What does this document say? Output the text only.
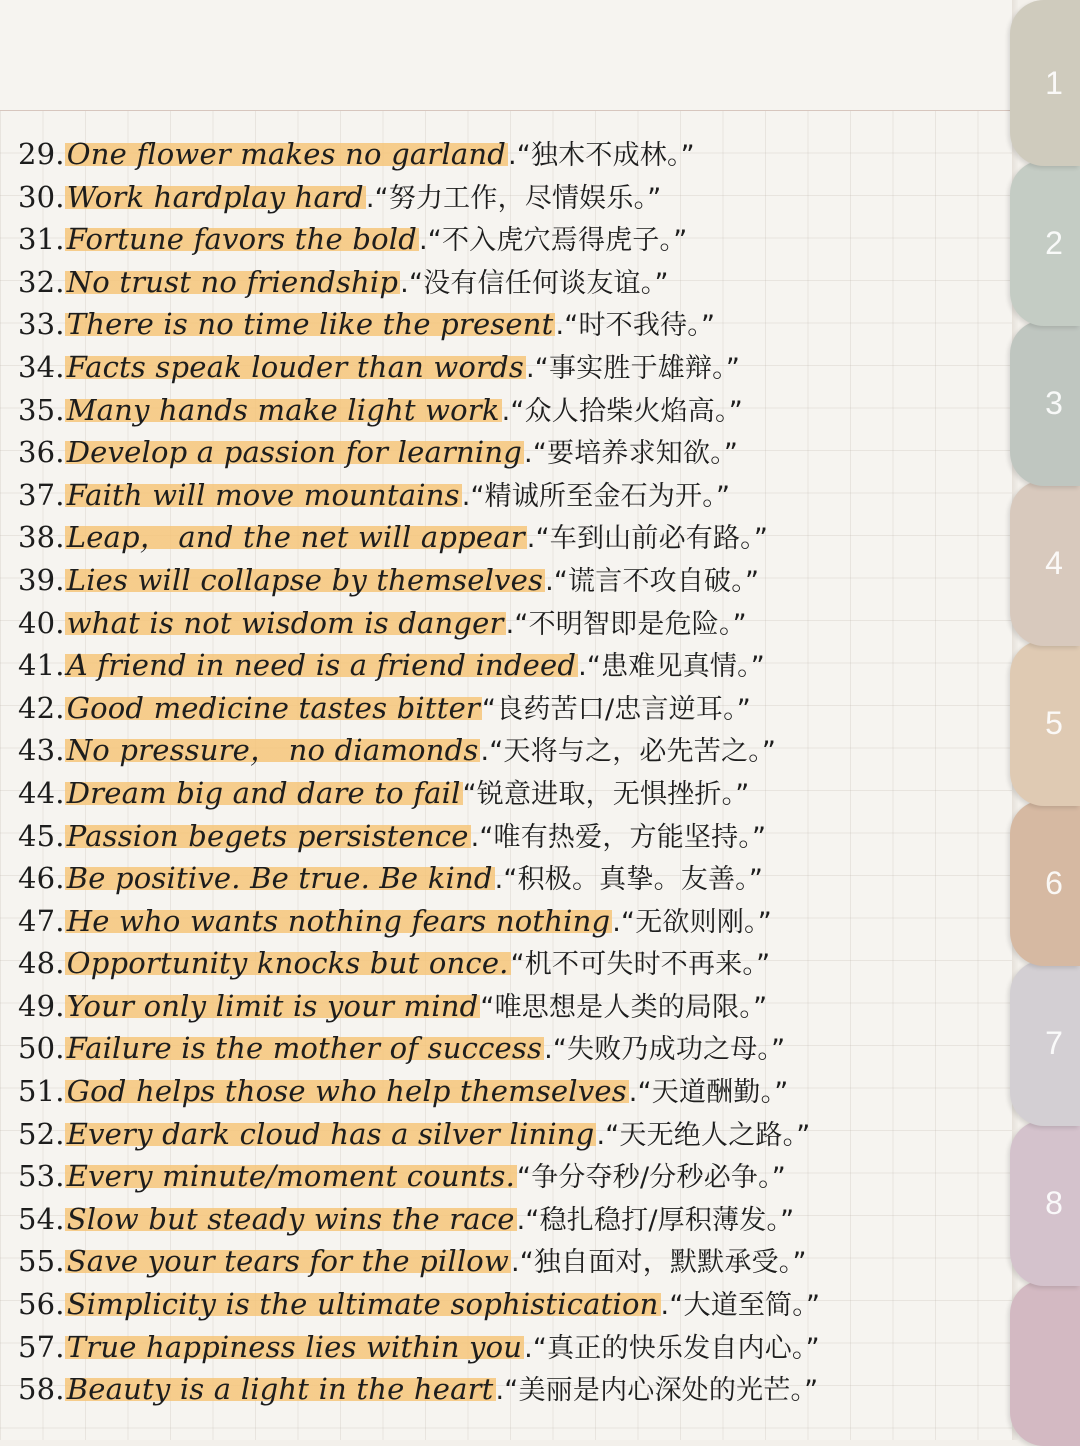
29.One flower makes no garland.“独木不成林。”
30.Work hardplay hard.“努力工作，尽情娱乐。”
31.Fortune favors the bold.“不入虎穴焉得虎子。”
32.No trust no friendship.“没有信任何谈友谊。”
33.There is no time like the present.“时不我待。”
34.Facts speak louder than words.“事实胜于雄辩。”
35.Many hands make light work.“众人拾柴火焰高。”
36.Develop a passion for learning.“要培养求知欲。”
37.Faith will move mountains.“精诚所至金石为开。”
38.Leap， and the net will appear.“车到山前必有路。”
39.Lies will collapse by themselves.“谎言不攻自破。”
40.what is not wisdom is danger.“不明智即是危险。”
41.A friend in need is a friend indeed.“患难见真情。”
42.Good medicine tastes bitter“良药苦口/忠言逆耳。”
43.No pressure， no diamonds.“天将与之，必先苦之。”
44.Dream big and dare to fail“锐意进取，无惧挫折。”
45.Passion begets persistence.“唯有热爱，方能坚持。”
46.Be positive. Be true. Be kind.“积极。真挚。友善。”
47.He who wants nothing fears nothing.“无欲则刚。”
48.Opportunity knocks but once.“机不可失时不再来。”
49.Your only limit is your mind“唯思想是人类的局限。”
50.Failure is the mother of success.“失败乃成功之母。”
51.God helps those who help themselves.“天道酬勤。”
52.Every dark cloud has a silver lining.“天无绝人之路。”
53.Every minute/moment counts.“争分夺秒/分秒必争。”
54.Slow but steady wins the race.“稳扎稳打/厚积薄发。”
55.Save your tears for the pillow.“独自面对，默默承受。”
56.Simplicity is the ultimate sophistication.“大道至简。”
57.True happiness lies within you.“真正的快乐发自内心。”
58.Beauty is a light in the heart.“美丽是内心深处的光芒。”
1
2
3
4
5
6
7
8
